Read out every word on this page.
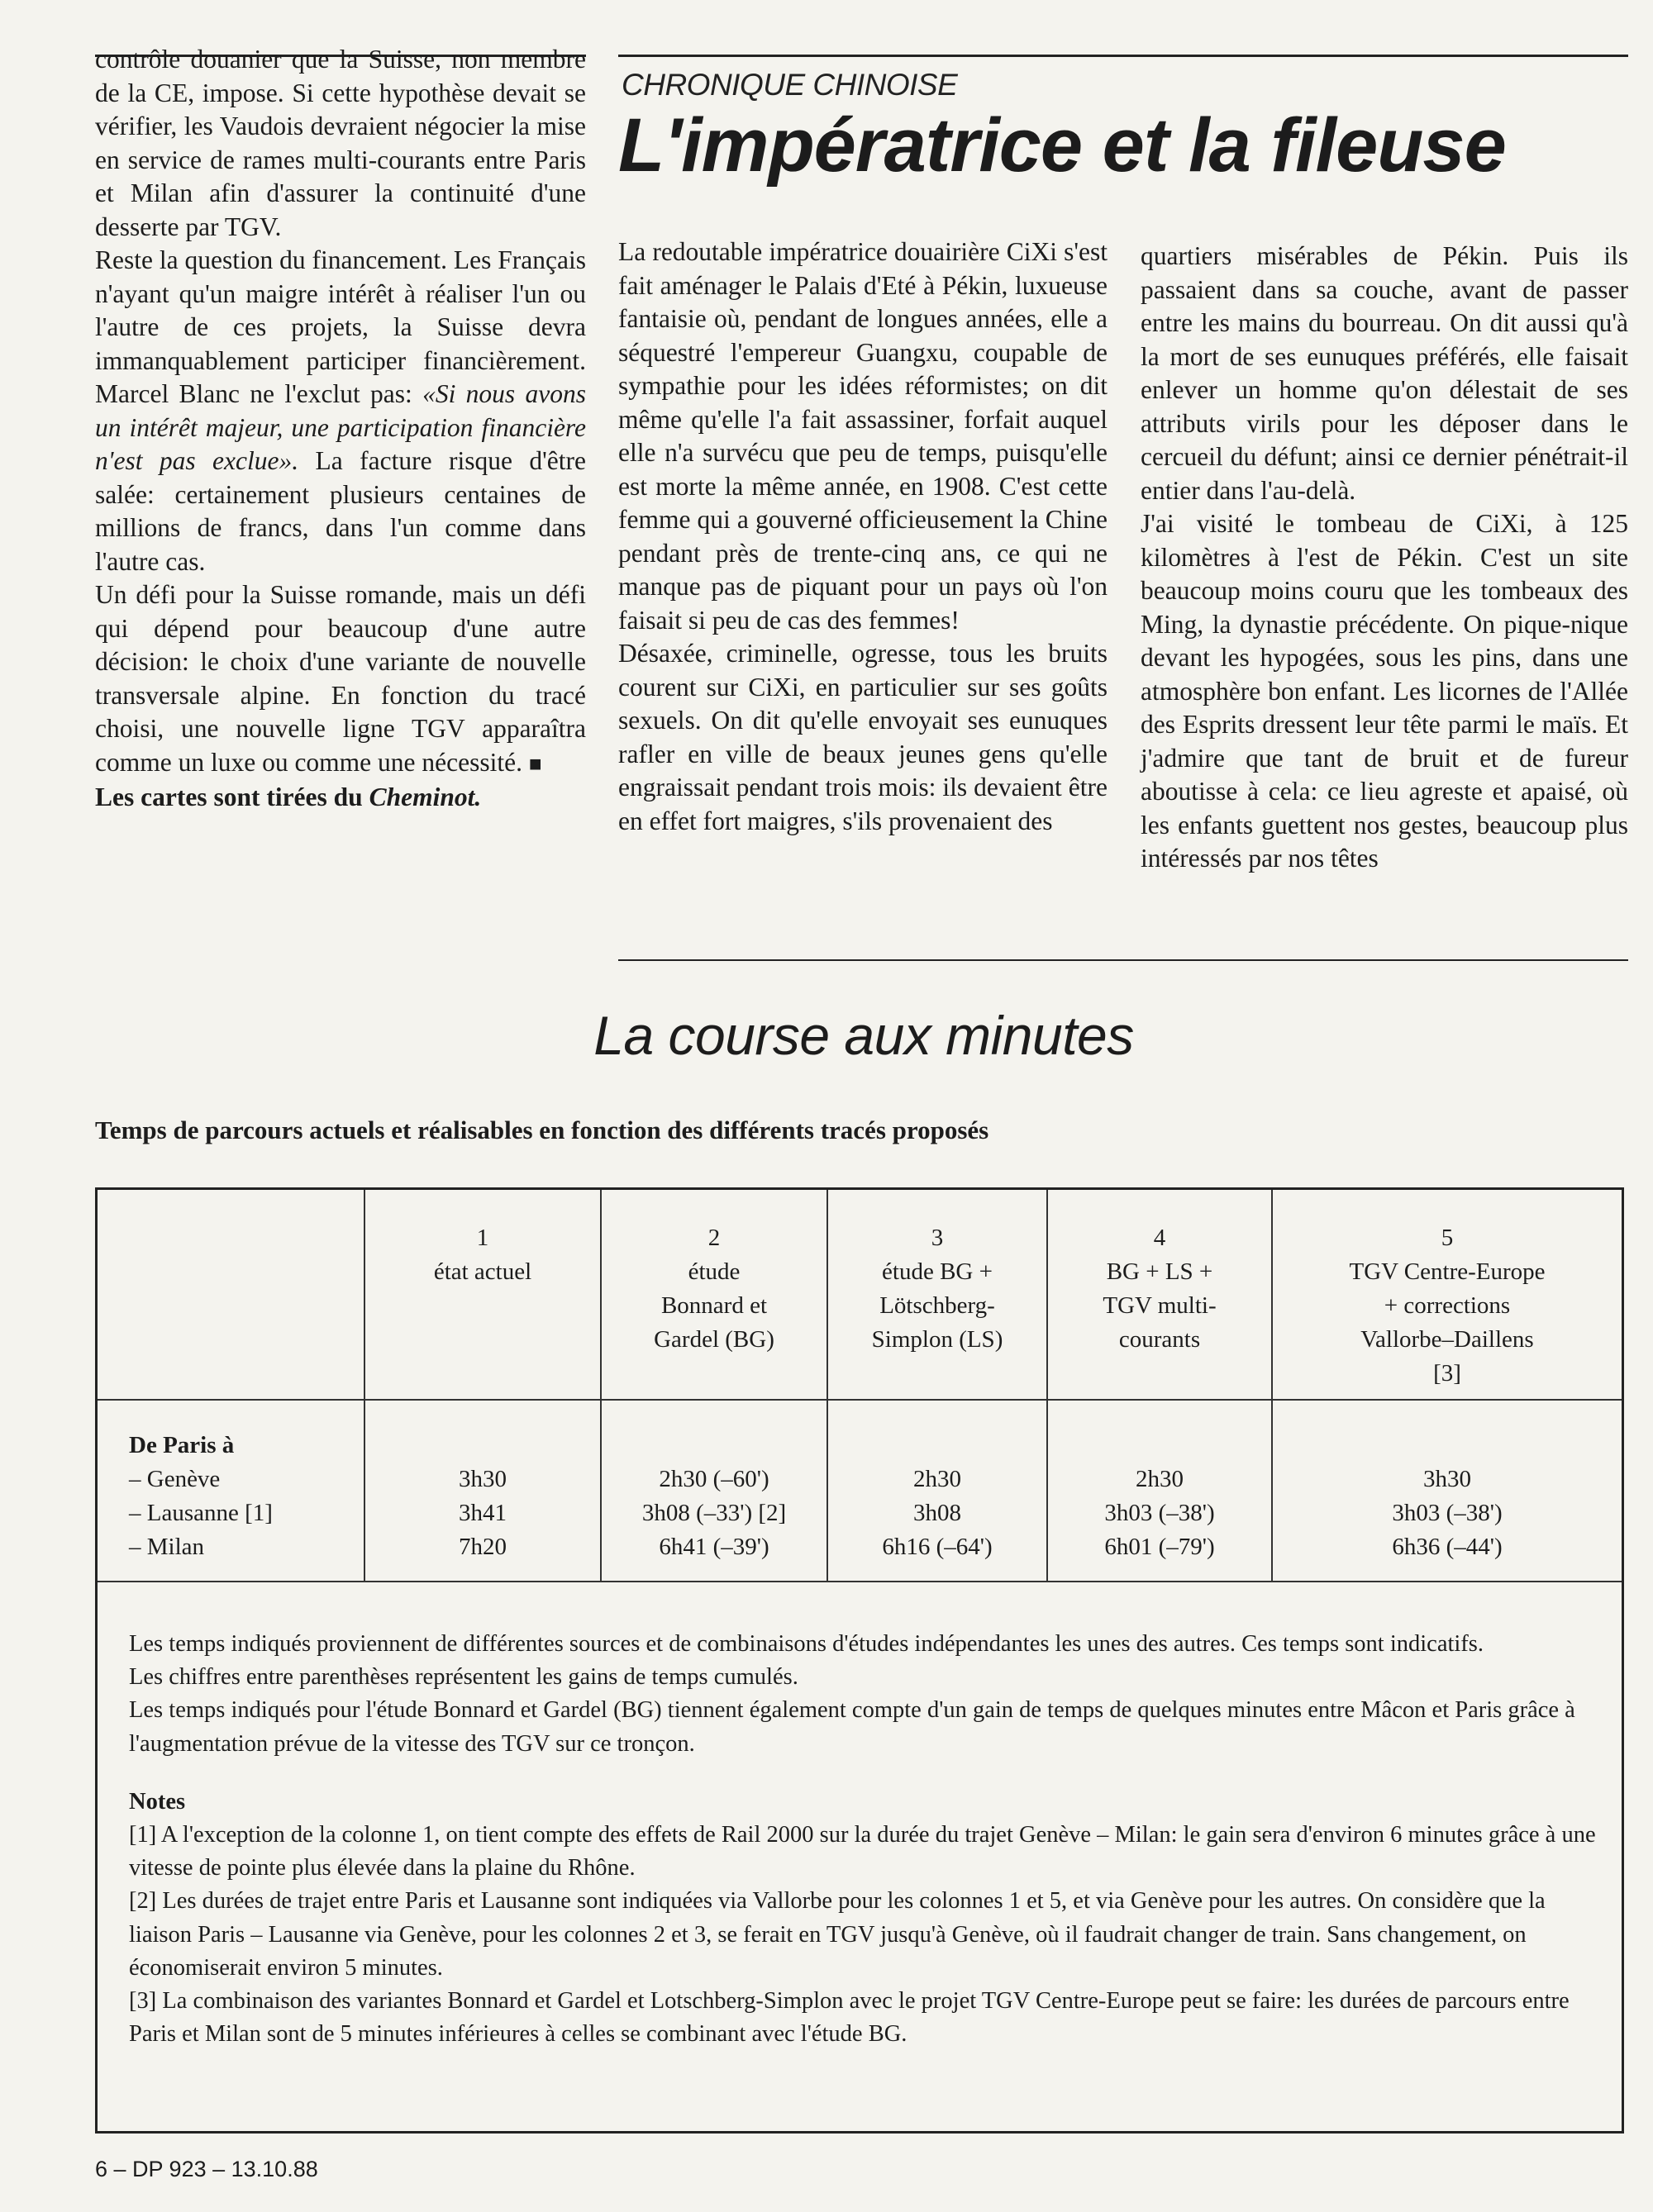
contrôle douanier que la Suisse, non membre de la CE, impose. Si cette hypothèse devait se vérifier, les Vaudois devraient négocier la mise en service de rames multi-courants entre Paris et Milan afin d'assurer la continuité d'une desserte par TGV.

Reste la question du financement. Les Français n'ayant qu'un maigre intérêt à réaliser l'un ou l'autre de ces projets, la Suisse devra immanquablement participer financièrement. Marcel Blanc ne l'exclut pas: «Si nous avons un intérêt majeur, une participation financière n'est pas exclue». La facture risque d'être salée: certainement plusieurs centaines de millions de francs, dans l'un comme dans l'autre cas.

Un défi pour la Suisse romande, mais un défi qui dépend pour beaucoup d'une autre décision: le choix d'une variante de nouvelle transversale alpine. En fonction du tracé choisi, une nouvelle ligne TGV apparaîtra comme un luxe ou comme une nécessité. ■

Les cartes sont tirées du Cheminot.

CHRONIQUE CHINOISE
L'impératrice et la fileuse

La redoutable impératrice douairière CiXi s'est fait aménager le Palais d'Eté à Pékin, luxueuse fantaisie où, pendant de longues années, elle a séquestré l'empereur Guangxu, coupable de sympathie pour les idées réformistes; on dit même qu'elle l'a fait assassiner, forfait auquel elle n'a survécu que peu de temps, puisqu'elle est morte la même année, en 1908. C'est cette femme qui a gouverné officieusement la Chine pendant près de trente-cinq ans, ce qui ne manque pas de piquant pour un pays où l'on faisait si peu de cas des femmes!

Désaxée, criminelle, ogresse, tous les bruits courent sur CiXi, en particulier sur ses goûts sexuels. On dit qu'elle envoyait ses eunuques rafler en ville de beaux jeunes gens qu'elle engraissait pendant trois mois: ils devaient être en effet fort maigres, s'ils provenaient des

quartiers misérables de Pékin. Puis ils passaient dans sa couche, avant de passer entre les mains du bourreau. On dit aussi qu'à la mort de ses eunuques préférés, elle faisait enlever un homme qu'on délestait de ses attributs virils pour les déposer dans le cercueil du défunt; ainsi ce dernier pénétrait-il entier dans l'au-delà.

J'ai visité le tombeau de CiXi, à 125 kilomètres à l'est de Pékin. C'est un site beaucoup moins couru que les tombeaux des Ming, la dynastie précédente. On pique-nique devant les hypogées, sous les pins, dans une atmosphère bon enfant. Les licornes de l'Allée des Esprits dressent leur tête parmi le maïs. Et j'admire que tant de bruit et de fureur aboutisse à cela: ce lieu agreste et apaisé, où les enfants guettent nos gestes, beaucoup plus intéressés par nos têtes

La course aux minutes

Temps de parcours actuels et réalisables en fonction des différents tracés proposés

	1
état actuel	2
étude
Bonnard et
Gardel (BG)	3
étude BG +
Lötschberg-
Simplon (LS)	4
BG + LS +
TGV multi-
courants	5
TGV Centre-Europe
+ corrections
Vallorbe–Daillens
[3]

De Paris à
– Genève
– Lausanne [1]
– Milan	3h30
3h41
7h20	2h30 (–60')
3h08 (–33') [2]
6h41 (–39')	2h30
3h08
6h16 (–64')	2h30
3h03 (–38')
6h01 (–79')	3h30
3h03 (–38')
6h36 (–44')

Les temps indiqués proviennent de différentes sources et de combinaisons d'études indépendantes les unes des autres. Ces temps sont indicatifs.

Les chiffres entre parenthèses représentent les gains de temps cumulés.

Les temps indiqués pour l'étude Bonnard et Gardel (BG) tiennent également compte d'un gain de temps de quelques minutes entre Mâcon et Paris grâce à l'augmentation prévue de la vitesse des TGV sur ce tronçon.

Notes

[1] A l'exception de la colonne 1, on tient compte des effets de Rail 2000 sur la durée du trajet Genève – Milan: le gain sera d'environ 6 minutes grâce à une vitesse de pointe plus élevée dans la plaine du Rhône.

[2] Les durées de trajet entre Paris et Lausanne sont indiquées via Vallorbe pour les colonnes 1 et 5, et via Genève pour les autres. On considère que la liaison Paris – Lausanne via Genève, pour les colonnes 2 et 3, se ferait en TGV jusqu'à Genève, où il faudrait changer de train. Sans changement, on économiserait environ 5 minutes.

[3] La combinaison des variantes Bonnard et Gardel et Lotschberg-Simplon avec le projet TGV Centre-Europe peut se faire: les durées de parcours entre Paris et Milan sont de 5 minutes inférieures à celles se combinant avec l'étude BG.

6 – DP 923 – 13.10.88
